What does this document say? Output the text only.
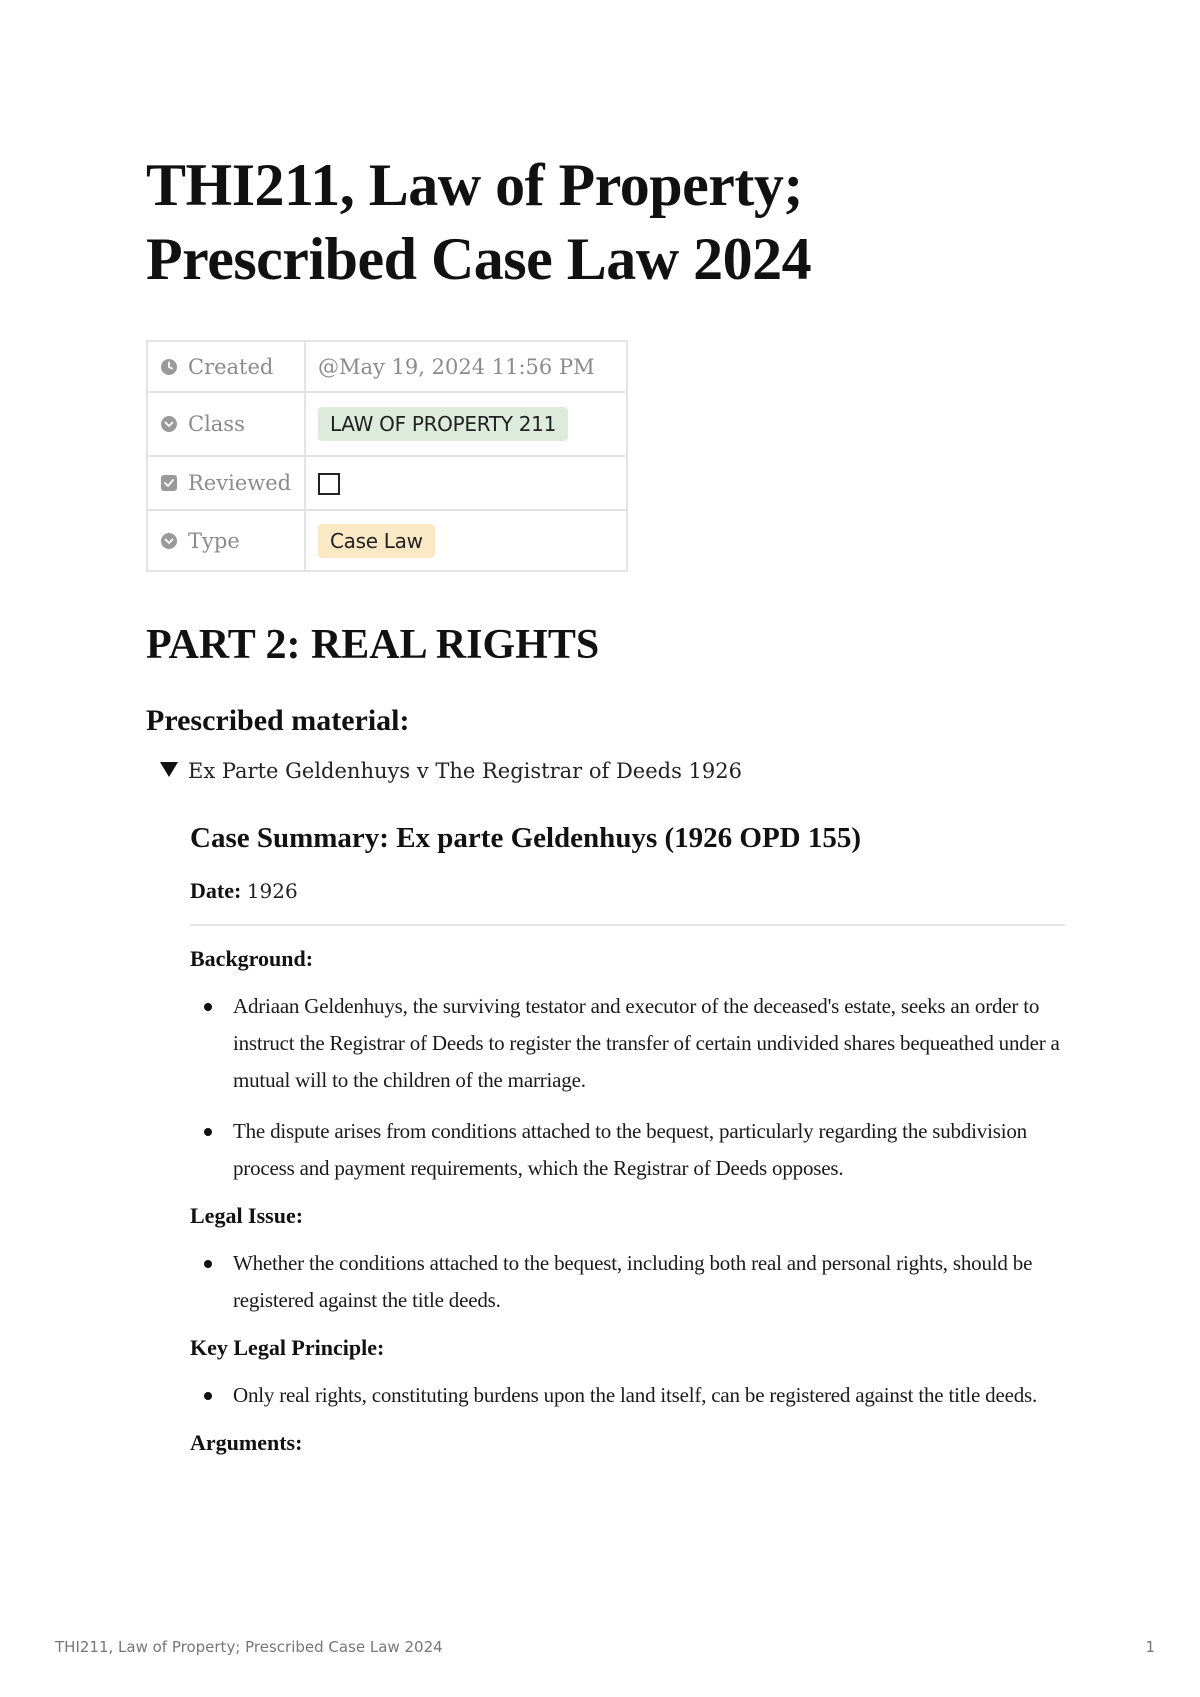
THI211, Law of Property;
Prescribed Case Law 2024
Created	@May 19, 2024 11:56 PM
Class	LAW OF PROPERTY 211
Reviewed	
Type	Case Law
PART 2: REAL RIGHTS
Prescribed material:
Ex Parte Geldenhuys v The Registrar of Deeds 1926
Case Summary: Ex parte Geldenhuys (1926 OPD 155)
Date: 1926
Background:
Adriaan Geldenhuys, the surviving testator and executor of the deceased's estate, seeks an order to instruct the Registrar of Deeds to register the transfer of certain undivided shares bequeathed under a mutual will to the children of the marriage.
The dispute arises from conditions attached to the bequest, particularly regarding the subdivision process and payment requirements, which the Registrar of Deeds opposes.
Legal Issue:
Whether the conditions attached to the bequest, including both real and personal rights, should be registered against the title deeds.
Key Legal Principle:
Only real rights, constituting burdens upon the land itself, can be registered against the title deeds.
Arguments:
THI211, Law of Property; Prescribed Case Law 2024	1
